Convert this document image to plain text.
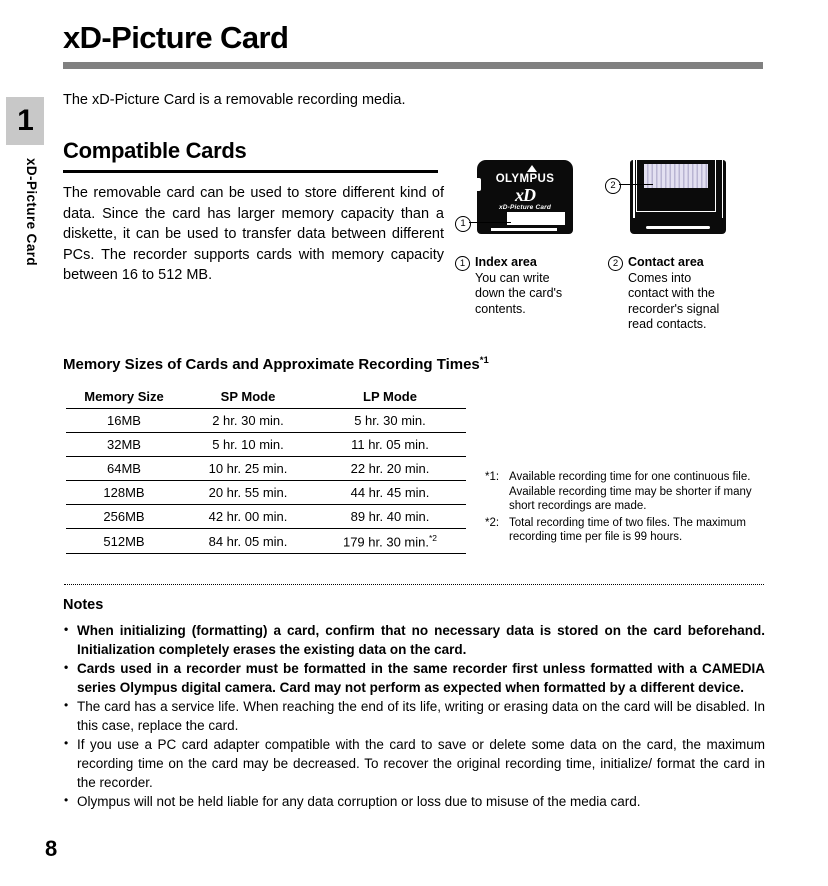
1
xD-Picture Card
xD-Picture Card

The xD-Picture Card is a removable recording media.

Compatible Cards

The removable card can be used to store different kind of data. Since the card has larger memory capacity than a diskette, it can be used to transfer data between different PCs. The recorder supports cards with memory capacity between 16 to 512 MB.

OLYMPUS
xD
xD-Picture Card
1
2
1 Index area
You can write down the card's contents.
2 Contact area
Comes into contact with the recorder's signal read contacts.
Memory Sizes of Cards and Approximate Recording Times$^{*1}$
Memory Size	SP Mode	LP Mode
16MB	2 hr. 30 min.	5 hr. 30 min.
32MB	5 hr. 10 min.	11 hr. 05 min.
64MB	10 hr. 25 min.	22 hr. 20 min.
128MB	20 hr. 55 min.	44 hr. 45 min.
256MB	42 hr. 00 min.	89 hr. 40 min.
512MB	84 hr. 05 min.	179 hr. 30 min.$^{*2}$
*1: Available recording time for one continuous file. Available recording time may be shorter if many short recordings are made.
*2: Total recording time of two files. The maximum recording time per file is 99 hours.
Notes
• When initializing (formatting) a card, confirm that no necessary data is stored on the card beforehand. Initialization completely erases the existing data on the card.
• Cards used in a recorder must be formatted in the same recorder first unless formatted with a CAMEDIA series Olympus digital camera. Card may not perform as expected when formatted by a different device.
• The card has a service life. When reaching the end of its life, writing or erasing data on the card will be disabled. In this case, replace the card.
• If you use a PC card adapter compatible with the card to save or delete some data on the card, the maximum recording time on the card may be decreased. To recover the original recording time, initialize/ format the card in the recorder.
• Olympus will not be held liable for any data corruption or loss due to misuse of the media card.
8
